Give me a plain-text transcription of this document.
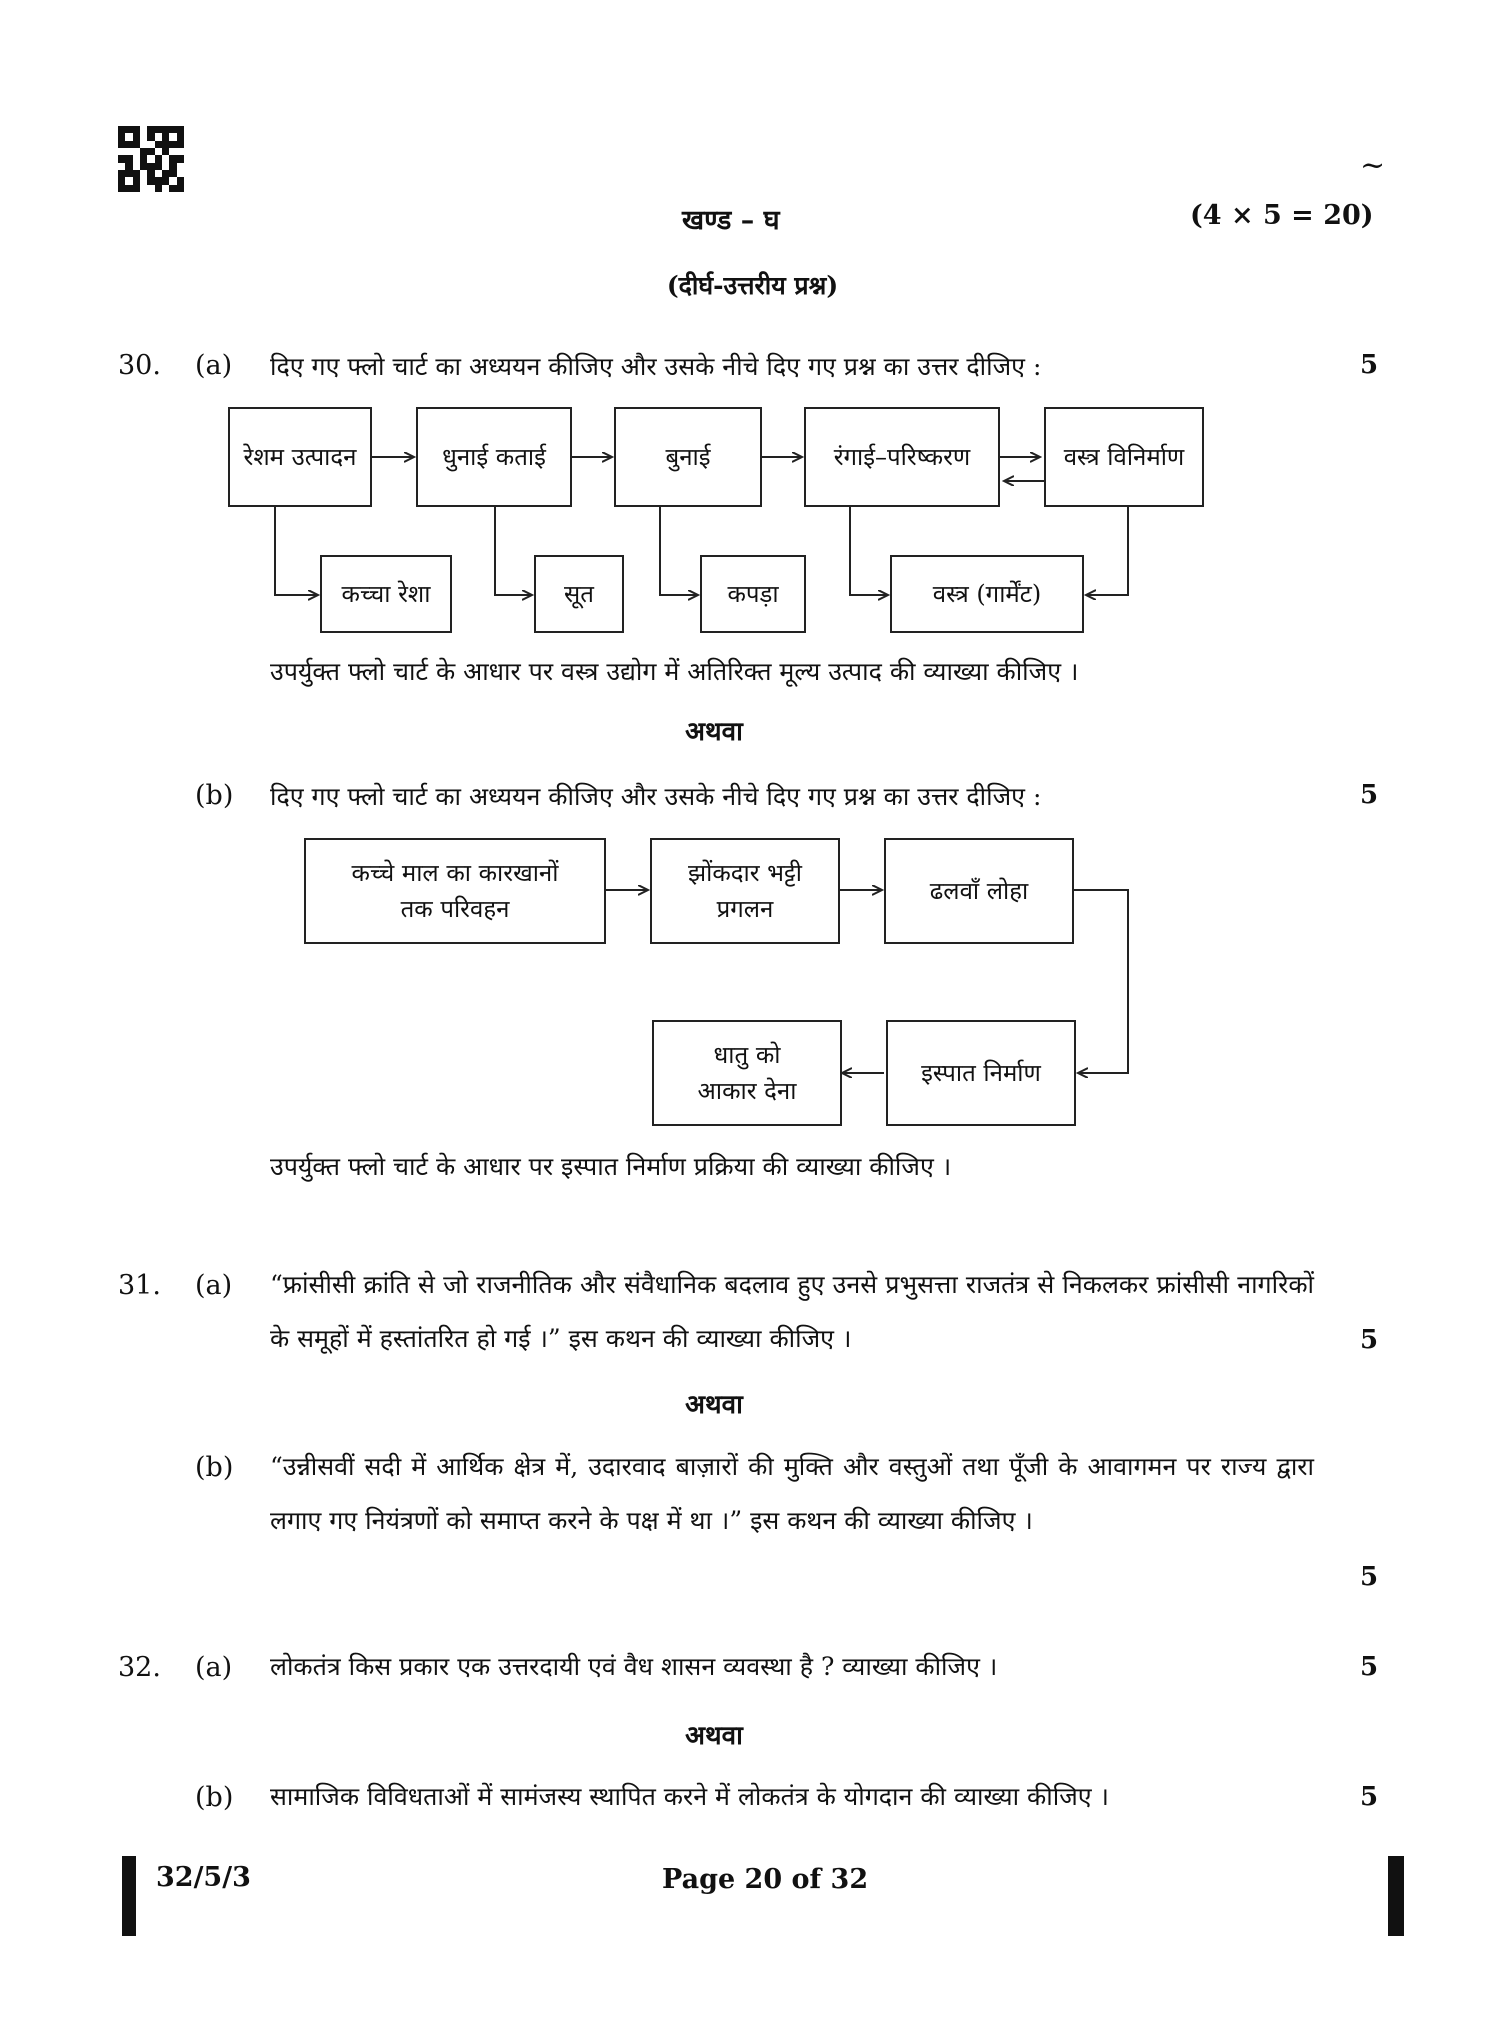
~
खण्ड – घ	(4 × 5 = 20)
(दीर्घ-उत्तरीय प्रश्न)
30. (a) दिए गए फ्लो चार्ट का अध्ययन कीजिए और उसके नीचे दिए गए प्रश्न का उत्तर दीजिए :	5
रेशम उत्पादन	धुनाई कताई	बुनाई	रंगाई–परिष्करण	वस्त्र विनिर्माण
कच्चा रेशा	सूत	कपड़ा	वस्त्र (गार्मेंट)
उपर्युक्त फ्लो चार्ट के आधार पर वस्त्र उद्योग में अतिरिक्त मूल्य उत्पाद की व्याख्या कीजिए ।
अथवा
(b) दिए गए फ्लो चार्ट का अध्ययन कीजिए और उसके नीचे दिए गए प्रश्न का उत्तर दीजिए :	5
कच्चे माल का कारखानों तक परिवहन
झोंकदार भट्टी प्रगलन
ढलवाँ लोहा
धातु को आकार देना
इस्पात निर्माण
उपर्युक्त फ्लो चार्ट के आधार पर इस्पात निर्माण प्रक्रिया की व्याख्या कीजिए ।
31. (a) “फ्रांसीसी क्रांति से जो राजनीतिक और संवैधानिक बदलाव हुए उनसे प्रभुसत्ता राजतंत्र से निकलकर फ्रांसीसी नागरिकों के समूहों में हस्तांतरित हो गई ।” इस कथन की व्याख्या कीजिए ।	5
अथवा
(b) “उन्नीसवीं सदी में आर्थिक क्षेत्र में, उदारवाद बाज़ारों की मुक्ति और वस्तुओं तथा पूँजी के आवागमन पर राज्य द्वारा लगाए गए नियंत्रणों को समाप्त करने के पक्ष में था ।” इस कथन की व्याख्या कीजिए ।
5
32. (a) लोकतंत्र किस प्रकार एक उत्तरदायी एवं वैध शासन व्यवस्था है ? व्याख्या कीजिए ।	5
अथवा
(b) सामाजिक विविधताओं में सामंजस्य स्थापित करने में लोकतंत्र के योगदान की व्याख्या कीजिए ।	5
32/5/3	Page 20 of 32
